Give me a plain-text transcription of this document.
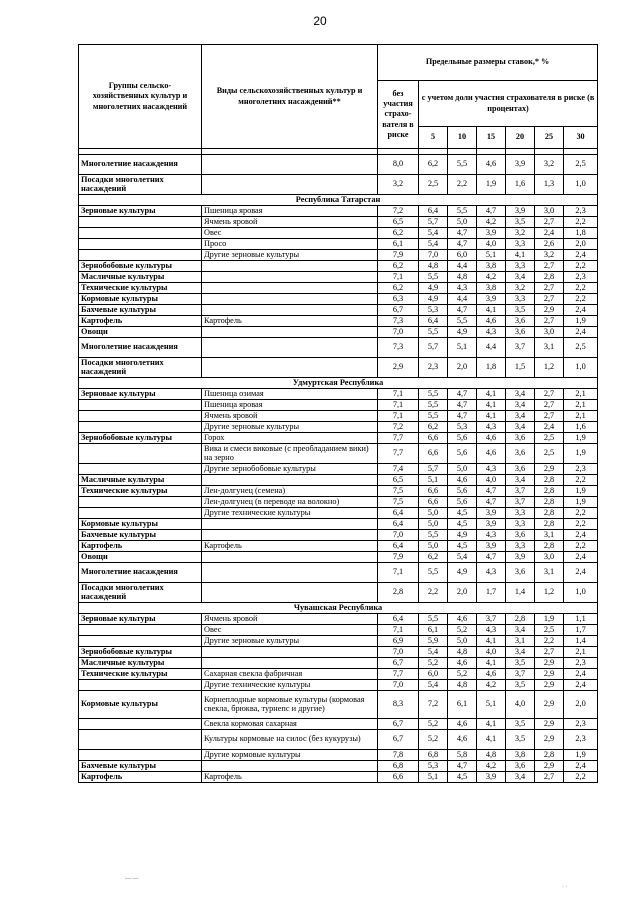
20
Группы сельско-хозяйственных культур и многолетних насаждений	Виды сельскохозяйственных культур и многолетних насаждений**	Предельные размеры ставок,* %						
		без участия страхо-вателя в риске	с учетом доли участия страхователя в риске (в процентах)					
			5	10	15	20	25	30

Многолетние насаждения		8,0	6,2	5,5	4,6	3,9	3,2	2,5
Посадки многолетних насаждений		3,2	2,5	2,2	1,9	1,6	1,3	1,0
Республика Татарстан								
Зерновые культуры	Пшеница яровая	7,2	6,4	5,5	4,7	3,9	3,0	2,3
	Ячмень яровой	6,5	5,7	5,0	4,2	3,5	2,7	2,2
	Овес	6,2	5,4	4,7	3,9	3,2	2,4	1,8
	Просо	6,1	5,4	4,7	4,0	3,3	2,6	2,0
	Другие зерновые культуры	7,9	7,0	6,0	5,1	4,1	3,2	2,4
Зернобобовые культуры		6,2	4,8	4,4	3,8	3,3	2,7	2,2
Масличные культуры		7,1	5,5	4,8	4,2	3,4	2,8	2,3
Технические культуры		6,2	4,9	4,3	3,8	3,2	2,7	2,2
Кормовые культуры		6,3	4,9	4,4	3,9	3,3	2,7	2,2
Бахчевые культуры		6,7	5,3	4,7	4,1	3,5	2,9	2,4
Картофель	Картофель	7,3	6,4	5,5	4,6	3,6	2,7	1,9
Овощи		7,0	5,5	4,9	4,3	3,6	3,0	2,4
Многолетние насаждения		7,3	5,7	5,1	4,4	3,7	3,1	2,5
Посадки многолетних насаждений		2,9	2,3	2,0	1,8	1,5	1,2	1,0
Удмуртская Республика								
Зерновые культуры	Пшеница озимая	7,1	5,5	4,7	4,1	3,4	2,7	2,1
	Пшеница яровая	7,1	5,5	4,7	4,1	3,4	2,7	2,1
	Ячмень яровой	7,1	5,5	4,7	4,1	3,4	2,7	2,1
	Другие зерновые культуры	7,2	6,2	5,3	4,3	3,4	2,4	1,6
Зернобобовые культуры	Горох	7,7	6,6	5,6	4,6	3,6	2,5	1,9
	Вика и смеси виковые (с преобладанием вики) на зерно	7,7	6,6	5,6	4,6	3,6	2,5	1,9
	Другие зернобобовые культуры	7,4	5,7	5,0	4,3	3,6	2,9	2,3
Масличные культуры		6,5	5,1	4,6	4,0	3,4	2,8	2,2
Технические культуры	Лен-долгунец (семена)	7,5	6,6	5,6	4,7	3,7	2,8	1,9
	Лен-долгунец (в переводе на волокно)	7,5	6,6	5,6	4,7	3,7	2,8	1,9
	Другие технические культуры	6,4	5,0	4,5	3,9	3,3	2,8	2,2
Кормовые культуры		6,4	5,0	4,5	3,9	3,3	2,8	2,2
Бахчевые культуры		7,0	5,5	4,9	4,3	3,6	3,1	2,4
Картофель	Картофель	6,4	5,0	4,5	3,9	3,3	2,8	2,2
Овощи		7,9	6,2	5,4	4,7	3,9	3,0	2,4
Многолетние насаждения		7,1	5,5	4,9	4,3	3,6	3,1	2,4
Посадки многолетних насаждений		2,8	2,2	2,0	1,7	1,4	1,2	1,0
Чувашская Республика								
Зерновые культуры	Ячмень яровой	6,4	5,5	4,6	3,7	2,8	1,9	1,1
	Овес	7,1	6,1	5,2	4,3	3,4	2,5	1,7
	Другие зерновые культуры	6,9	5,9	5,0	4,1	3,1	2,2	1,4
Зернобобовые культуры		7,0	5,4	4,8	4,0	3,4	2,7	2,1
Масличные культуры		6,7	5,2	4,6	4,1	3,5	2,9	2,3
Технические культуры	Сахарная свекла фабричная	7,7	6,0	5,2	4,6	3,7	2,9	2,4
	Другие технические культуры	7,0	5,4	4,8	4,2	3,5	2,9	2,4
Кормовые культуры	Корнеплодные кормовые культуры (кормовая свекла, брюква, турнепс и другие)	8,3	7,2	6,1	5,1	4,0	2,9	2,0
	Свекла кормовая сахарная	6,7	5,2	4,6	4,1	3,5	2,9	2,3
	Культуры кормовые на силос (без кукурузы)	6,7	5,2	4,6	4,1	3,5	2,9	2,3
	Другие кормовые культуры	7,8	6,8	5,8	4,8	3,8	2,8	1,9
Бахчевые культуры		6,8	5,3	4,7	4,2	3,6	2,9	2,4
Картофель	Картофель	6,6	5,1	4,5	3,9	3,4	2,7	2,2
— —
· ·
